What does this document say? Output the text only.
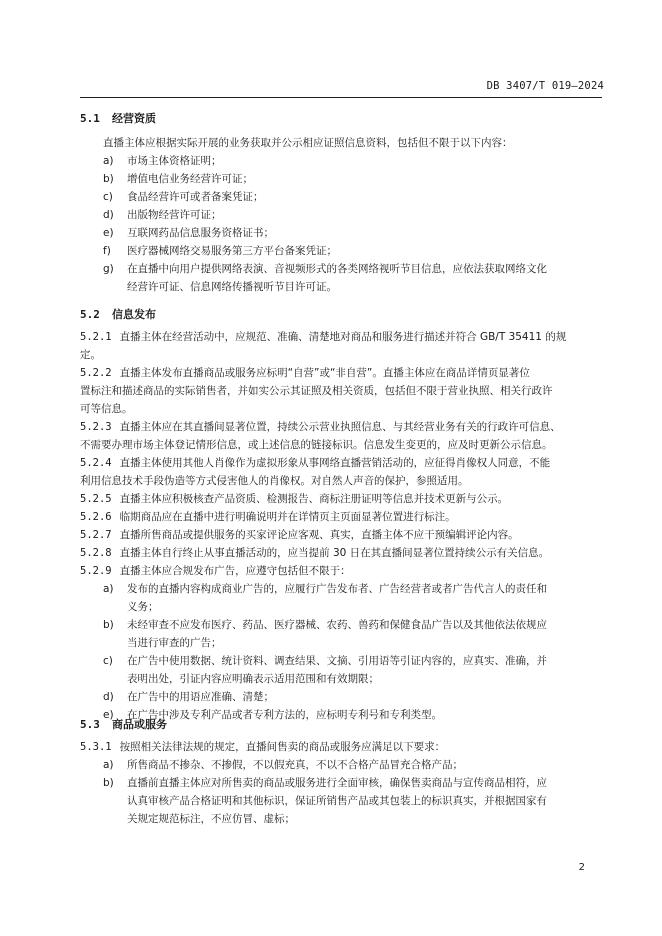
DB 3407/T 019—2024
5.1 经营资质
直播主体应根据实际开展的业务获取并公示相应证照信息资料，包括但不限于以下内容：
a) 市场主体资格证明；
b) 增值电信业务经营许可证；
c) 食品经营许可或者备案凭证；
d) 出版物经营许可证；
e) 互联网药品信息服务资格证书；
f) 医疗器械网络交易服务第三方平台备案凭证；
g) 在直播中向用户提供网络表演、音视频形式的各类网络视听节目信息，应依法获取网络文化
经营许可证、信息网络传播视听节目许可证。
5.2 信息发布
5.2.1 直播主体在经营活动中，应规范、准确、清楚地对商品和服务进行描述并符合 GB/T 35411 的规
定。
5.2.2 直播主体发布直播商品或服务应标明“自营”或“非自营”。直播主体应在商品详情页显著位
置标注和描述商品的实际销售者，并如实公示其证照及相关资质，包括但不限于营业执照、相关行政许
可等信息。
5.2.3 直播主体应在其直播间显著位置，持续公示营业执照信息、与其经营业务有关的行政许可信息、
不需要办理市场主体登记情形信息，或上述信息的链接标识。信息发生变更的，应及时更新公示信息。
5.2.4 直播主体使用其他人肖像作为虚拟形象从事网络直播营销活动的，应征得肖像权人同意，不能
利用信息技术手段伪造等方式侵害他人的肖像权。对自然人声音的保护，参照适用。
5.2.5 直播主体应积极核查产品资质、检测报告、商标注册证明等信息并技术更新与公示。
5.2.6 临期商品应在直播中进行明确说明并在详情页主页面显著位置进行标注。
5.2.7 直播所售商品或提供服务的买家评论应客观、真实，直播主体不应干预编辑评论内容。
5.2.8 直播主体自行终止从事直播活动的，应当提前 30 日在其直播间显著位置持续公示有关信息。
5.2.9 直播主体应合规发布广告，应遵守包括但不限于：
a) 发布的直播内容构成商业广告的，应履行广告发布者、广告经营者或者广告代言人的责任和
义务；
b) 未经审查不应发布医疗、药品、医疗器械、农药、兽药和保健食品广告以及其他依法依规应
当进行审查的广告；
c) 在广告中使用数据、统计资料、调查结果、文摘、引用语等引证内容的，应真实、准确，并
表明出处，引证内容应明确表示适用范围和有效期限；
d) 在广告中的用语应准确、清楚；
e) 在广告中涉及专利产品或者专利方法的，应标明专利号和专利类型。
5.3 商品或服务
5.3.1 按照相关法律法规的规定，直播间售卖的商品或服务应满足以下要求：
a) 所售商品不掺杂、不掺假，不以假充真，不以不合格产品冒充合格产品；
b) 直播前直播主体应对所售卖的商品或服务进行全面审核，确保售卖商品与宣传商品相符，应
认真审核产品合格证明和其他标识，保证所销售产品或其包装上的标识真实，并根据国家有
关规定规范标注，不应仿冒、虚标；
2
